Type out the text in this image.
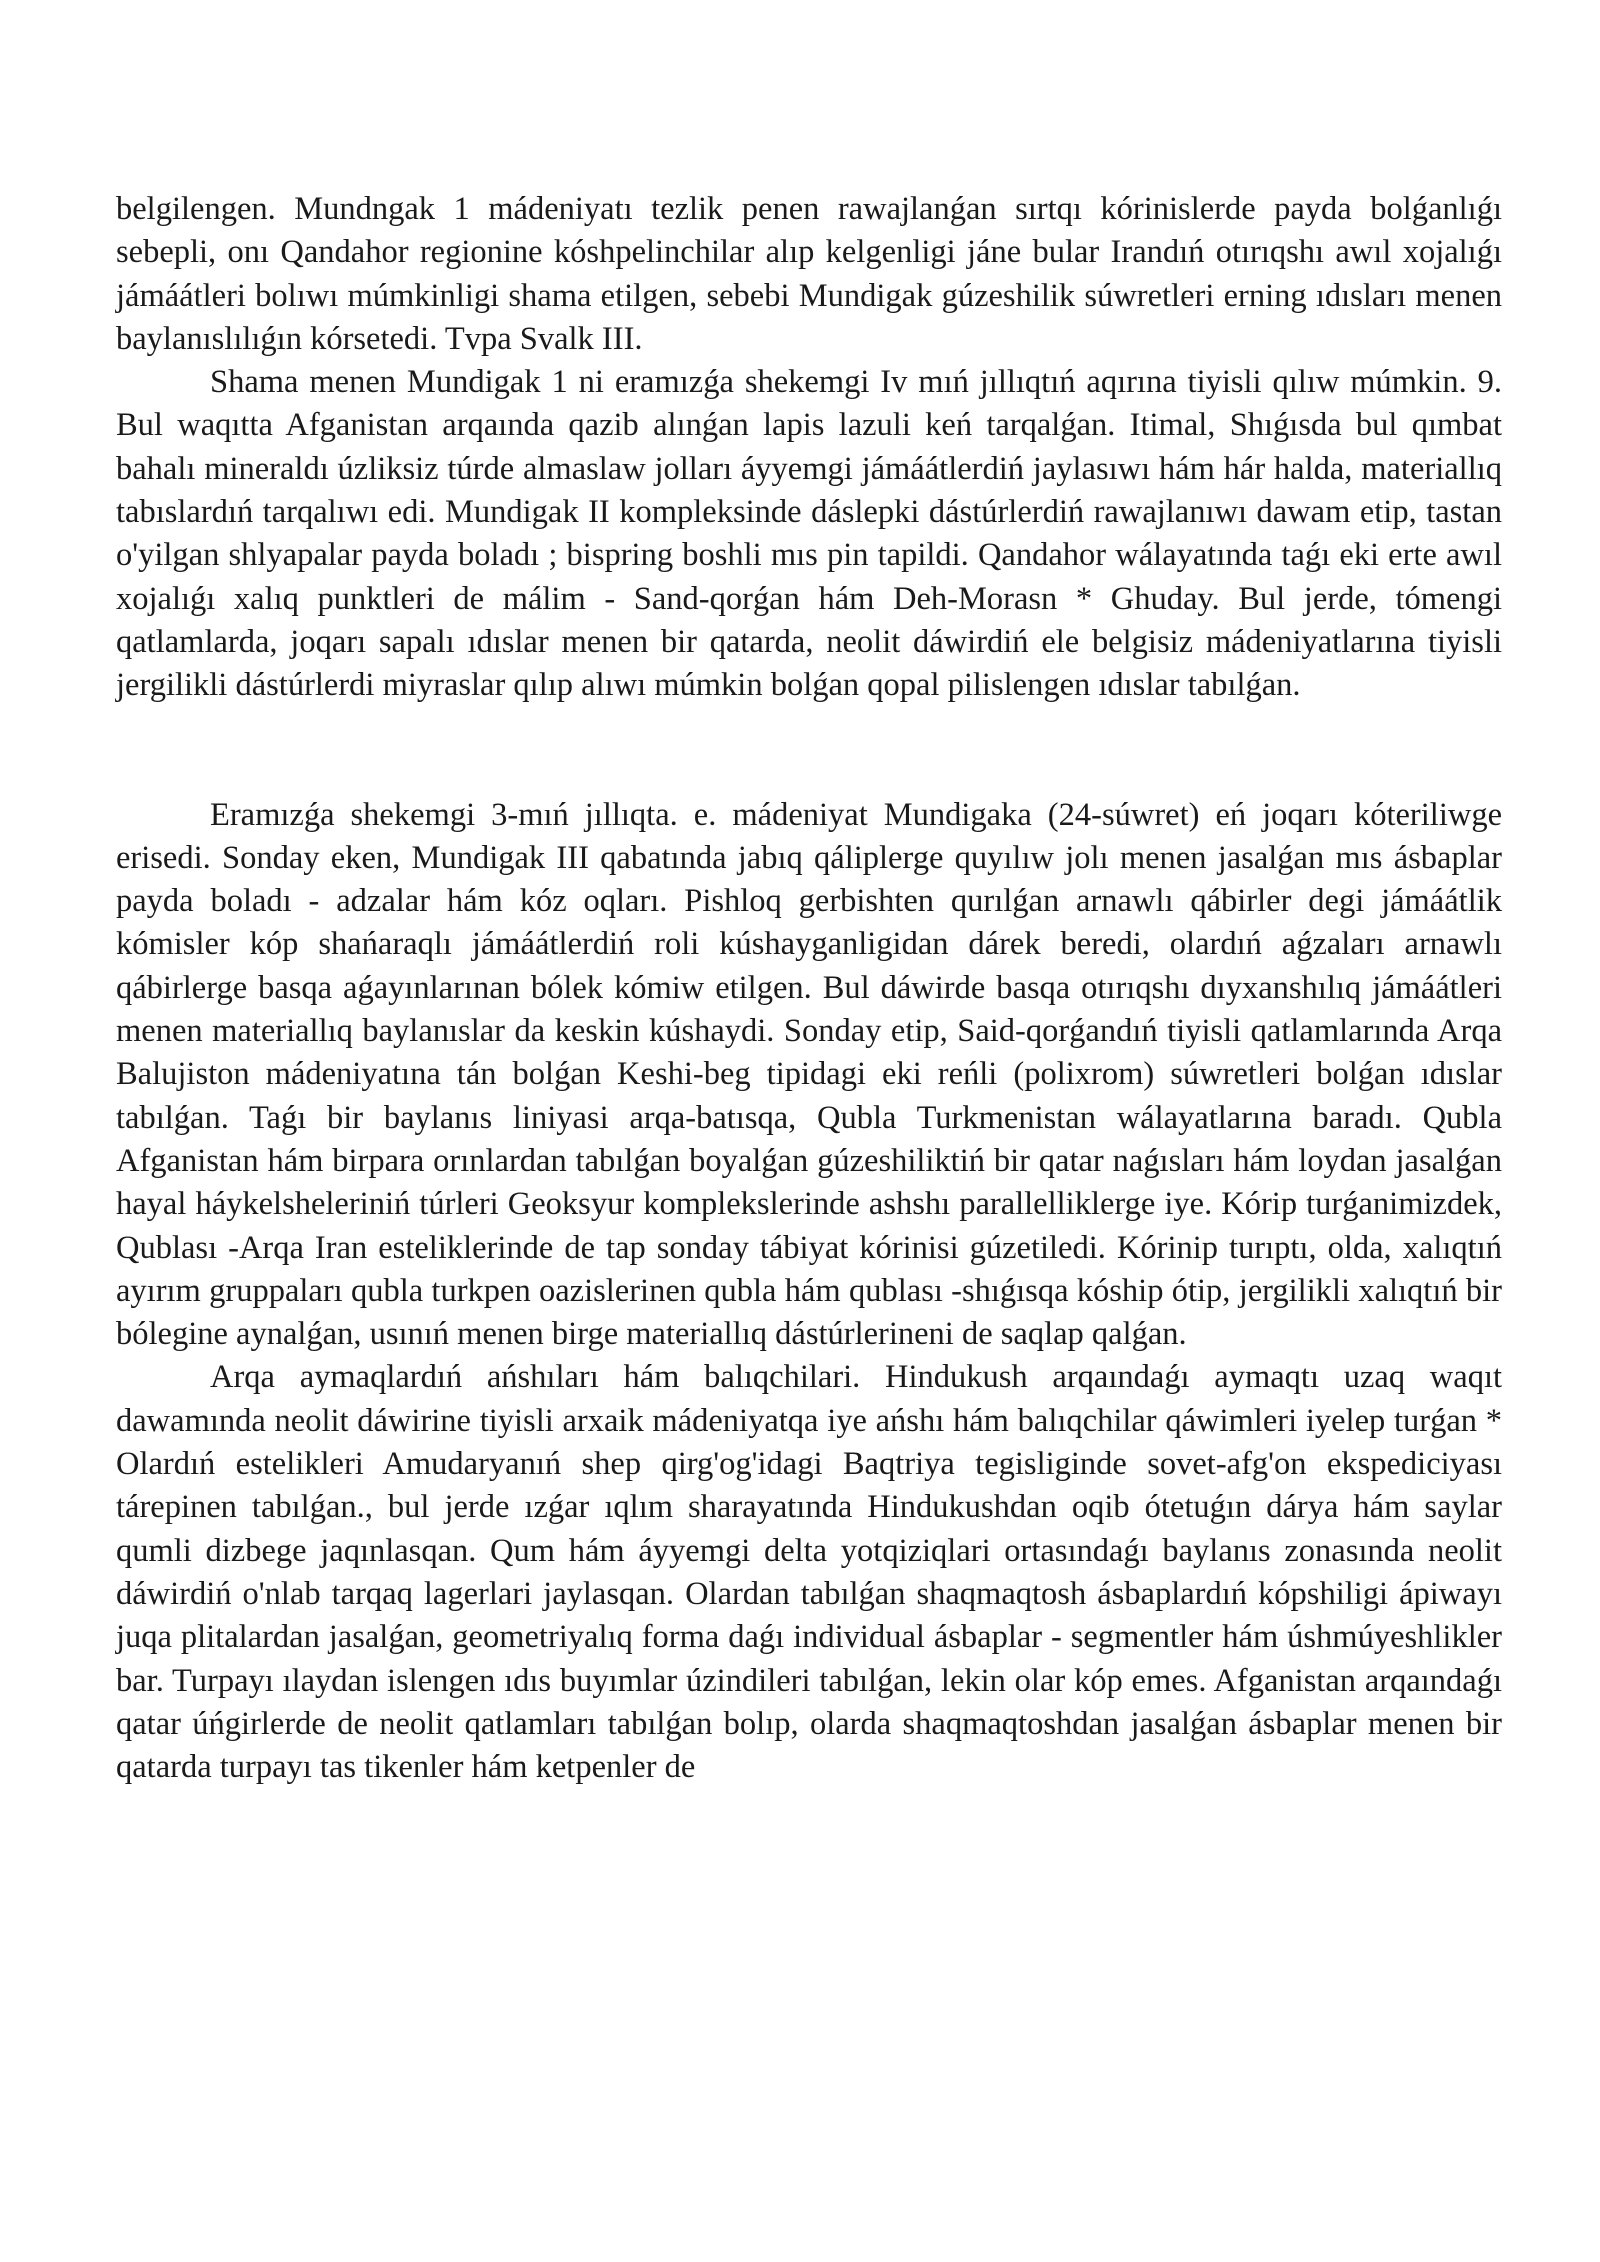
belgilengen. Mundngak 1 mádeniyatı tezlik penen rawajlanǵan sırtqı kórinislerde payda bolǵanlıǵı sebepli, onı Qandahor regionine kóshpelinchilar alıp kelgenligi jáne bular Irandıń otırıqshı awıl xojalıǵı jámáátleri bolıwı múmkinligi shama etilgen, sebebi Mundigak gúzeshilik súwretleri erning ıdısları menen baylanıslılıǵın kórsetedi. Tvpa Svalk III.

Shama menen Mundigak 1 ni eramızǵa shekemgi Iv mıń jıllıqtıń aqırına tiyisli qılıw múmkin. 9. Bul waqıtta Afganistan arqaında qazib alınǵan lapis lazuli keń tarqalǵan. Itimal, Shıǵısda bul qımbat bahalı mineraldı úzliksiz túrde almaslaw jolları áyyemgi jámáátlerdiń jaylasıwı hám hár halda, materiallıq tabıslardıń tarqalıwı edi. Mundigak II kompleksinde dáslepki dástúrlerdiń rawajlanıwı dawam etip, tastan o'yilgan shlyapalar payda boladı ; bispring boshli mıs pin tapildi. Qandahor wálayatında taǵı eki erte awıl xojalıǵı xalıq punktleri de málim - Sand-qorǵan hám Deh-Morasn * Ghuday. Bul jerde, tómengi qatlamlarda, joqarı sapalı ıdıslar menen bir qatarda, neolit dáwirdiń ele belgisiz mádeniyatlarına tiyisli jergilikli dástúrlerdi miyraslar qılıp alıwı múmkin bolǵan qopal pilislengen ıdıslar tabılǵan.

Eramızǵa shekemgi 3-mıń jıllıqta. e. mádeniyat Mundigaka (24-súwret) eń joqarı kóteriliwge erisedi. Sonday eken, Mundigak III qabatında jabıq qáliplerge quyılıw jolı menen jasalǵan mıs ásbaplar payda boladı - adzalar hám kóz oqları. Pishloq gerbishten qurılǵan arnawlı qábirler degi jámáátlik kómisler kóp shańaraqlı jámáátlerdiń roli kúshayganligidan dárek beredi, olardıń aǵzaları arnawlı qábirlerge basqa aǵayınlarınan bólek kómiw etilgen. Bul dáwirde basqa otırıqshı dıyxanshılıq jámáátleri menen materiallıq baylanıslar da keskin kúshaydi. Sonday etip, Said-qorǵandıń tiyisli qatlamlarında Arqa Balujiston mádeniyatına tán bolǵan Keshi-beg tipidagi eki reńli (polixrom) súwretleri bolǵan ıdıslar tabılǵan. Taǵı bir baylanıs liniyasi arqa-batısqa, Qubla Turkmenistan wálayatlarına baradı. Qubla Afganistan hám birpara orınlardan tabılǵan boyalǵan gúzeshiliktiń bir qatar naǵısları hám loydan jasalǵan hayal háykelsheleriniń túrleri Geoksyur komplekslerinde ashshı parallelliklerge iye. Kórip turǵanimizdek, Qublası -Arqa Iran esteliklerinde de tap sonday tábiyat kórinisi gúzetiledi. Kórinip turıptı, olda, xalıqtıń ayırım gruppaları qubla turkpen oazislerinen qubla hám qublası -shıǵısqa kóship ótip, jergilikli xalıqtıń bir bólegine aynalǵan, usınıń menen birge materiallıq dástúrlerineni de saqlap qalǵan.

Arqa aymaqlardıń ańshıları hám balıqchilari. Hindukush arqaındaǵı aymaqtı uzaq waqıt dawamında neolit dáwirine tiyisli arxaik mádeniyatqa iye ańshı hám balıqchilar qáwimleri iyelep turǵan * Olardıń estelikleri Amudaryanıń shep qirg'og'idagi Baqtriya tegisliginde sovet-afg'on ekspediciyası tárepinen tabılǵan., bul jerde ızǵar ıqlım sharayatında Hindukushdan oqib ótetuǵın dárya hám saylar qumli dizbege jaqınlasqan. Qum hám áyyemgi delta yotqiziqlari ortasındaǵı baylanıs zonasında neolit dáwirdiń o'nlab tarqaq lagerlari jaylasqan. Olardan tabılǵan shaqmaqtosh ásbaplardıń kópshiligi ápiwayı juqa plitalardan jasalǵan, geometriyalıq forma daǵı individual ásbaplar - segmentler hám úshmúyeshlikler bar. Turpayı ılaydan islengen ıdıs buyımlar úzindileri tabılǵan, lekin olar kóp emes. Afganistan arqaındaǵı qatar úńgirlerde de neolit qatlamları tabılǵan bolıp, olarda shaqmaqtoshdan jasalǵan ásbaplar menen bir qatarda turpayı tas tikenler hám ketpenler de
